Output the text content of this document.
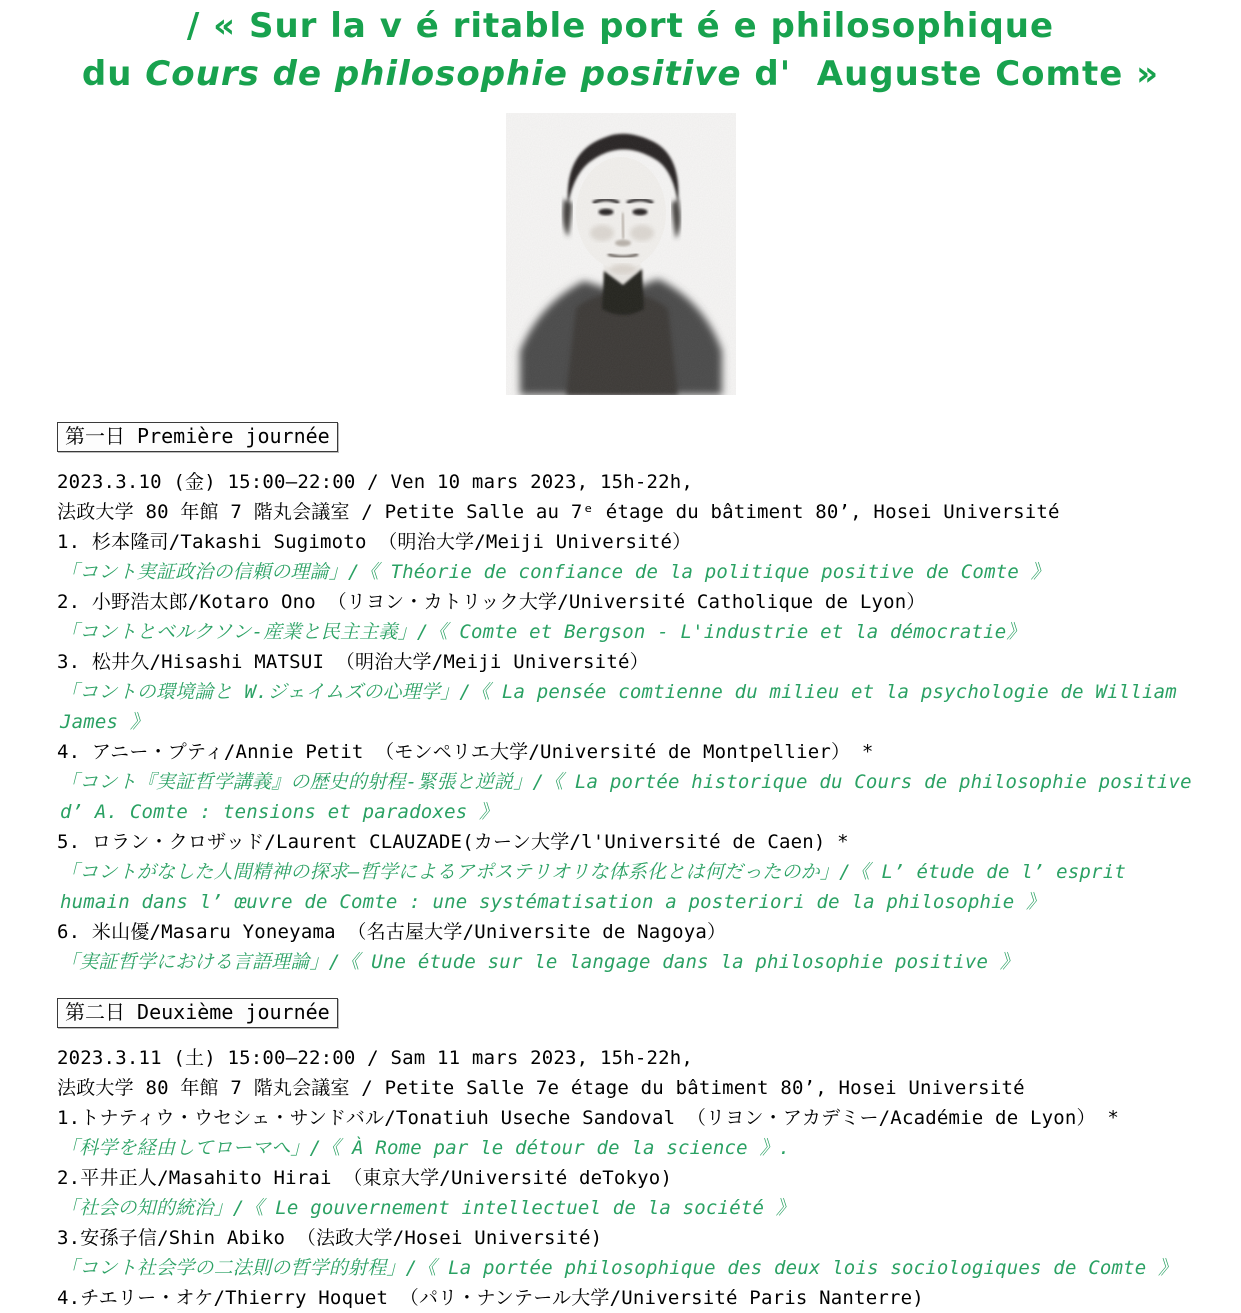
/ « Sur la v é ritable port é e philosophique
du Cours de philosophie positive d'  Auguste Comte »
第一日 Première journée

2023.3.10 (金) 15:00—22:00 / Ven 10 mars 2023, 15h-22h,

法政大学 80 年館 7 階丸会議室 / Petite Salle au 7ᵉ étage du bâtiment 80’, Hosei Université

1. 杉本隆司/Takashi Sugimoto （明治大学/Meiji Université）

「コント実証政治の信頼の理論」/《 Théorie de confiance de la politique positive de Comte 》

2. 小野浩太郎/Kotaro Ono （リヨン・カトリック大学/Université Catholique de Lyon）

「コントとベルクソン-産業と民主主義」/《 Comte et Bergson - L'industrie et la démocratie》

3. 松井久/Hisashi MATSUI （明治大学/Meiji Université）

「コントの環境論と W.ジェイムズの心理学」/《 La pensée comtienne du milieu et la psychologie de William James 》

4. アニー・プティ/Annie Petit （モンペリエ大学/Université de Montpellier） *

「コント『実証哲学講義』の歴史的射程-緊張と逆説」/《 La portée historique du Cours de philosophie positive d’ A. Comte : tensions et paradoxes 》

5. ロラン・クロザッド/Laurent CLAUZADE(カーン大学/l'Université de Caen) *

「コントがなした人間精神の探求—哲学によるアポステリオリな体系化とは何だったのか」/《 L’ étude de l’ esprit humain dans l’ œuvre de Comte : une systématisation a posteriori de la philosophie 》

6. 米山優/Masaru Yoneyama （名古屋大学/Universite de Nagoya）

「実証哲学における言語理論」/《 Une étude sur le langage dans la philosophie positive 》

第二日 Deuxième journée

2023.3.11 (土) 15:00—22:00 / Sam 11 mars 2023, 15h-22h,

法政大学 80 年館 7 階丸会議室 / Petite Salle 7e étage du bâtiment 80’, Hosei Université

1.トナティウ・ウセシェ・サンドバル/Tonatiuh Useche Sandoval （リヨン・アカデミー/Académie de Lyon） *

「科学を経由してローマへ」/《 À Rome par le détour de la science 》.

2.平井正人/Masahito Hirai （東京大学/Université deTokyo)

「社会の知的統治」/《 Le gouvernement intellectuel de la société 》

3.安孫子信/Shin Abiko （法政大学/Hosei Université)

「コント社会学の二法則の哲学的射程」/《 La portée philosophique des deux lois sociologiques de Comte 》

4.チエリー・オケ/Thierry Hoquet （パリ・ナンテール大学/Université Paris Nanterre)
